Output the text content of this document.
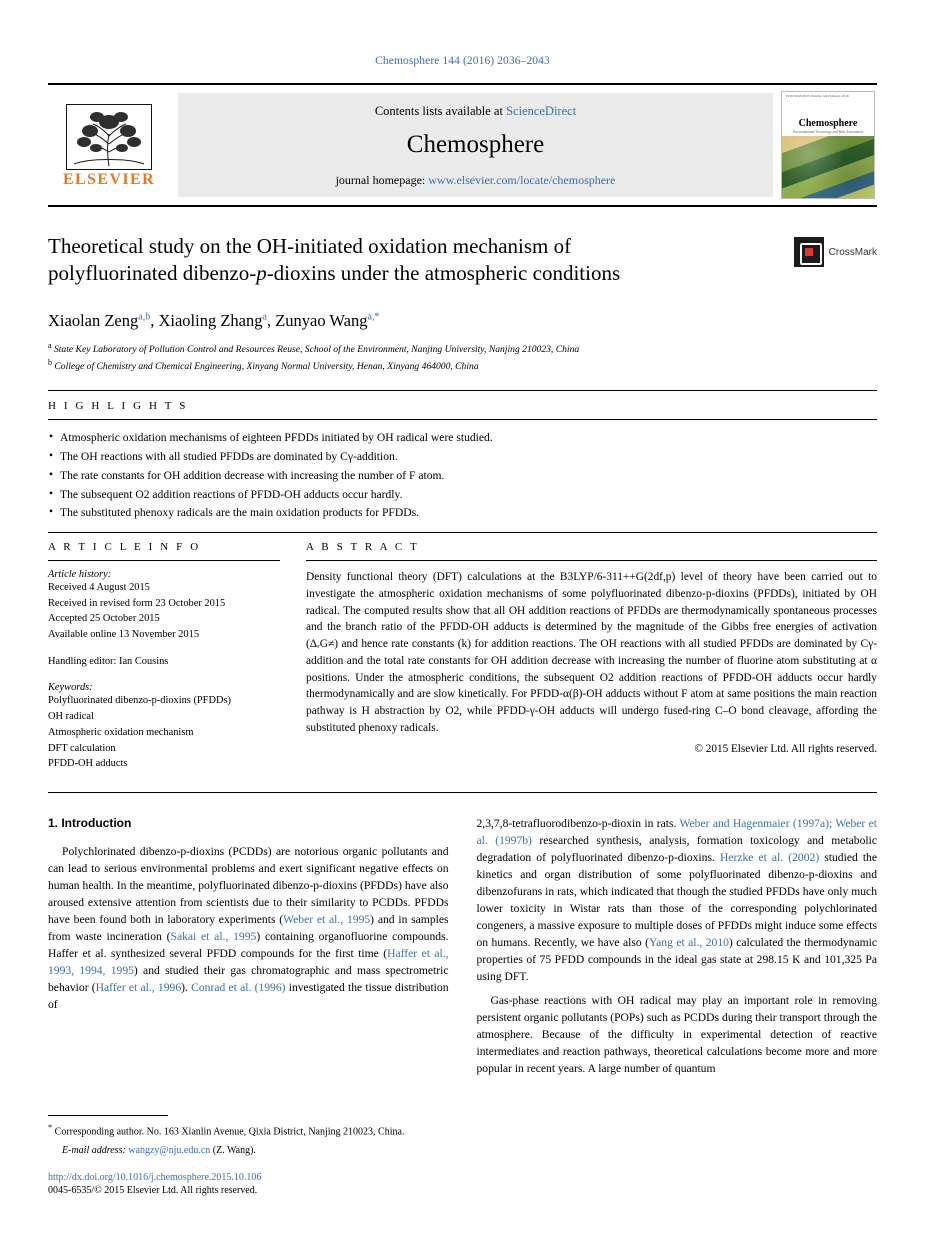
Chemosphere 144 (2016) 2036–2043
ELSEVIER
Contents lists available at ScienceDirect
Chemosphere
journal homepage: www.elsevier.com/locate/chemosphere
ISSN 0045-6535 Volume 144 February 2016
Chemosphere
Environmental Toxicology and Risk Assessment
Theoretical study on the OH-initiated oxidation mechanism of
polyfluorinated dibenzo-p-dioxins under the atmospheric conditions
CrossMark
Xiaolan Zeng$^{a,b}$, Xiaoling Zhang$^a$, Zunyao Wang$^{a,*}$
$^a$ State Key Laboratory of Pollution Control and Resources Reuse, School of the Environment, Nanjing University, Nanjing 210023, China
$^b$ College of Chemistry and Chemical Engineering, Xinyang Normal University, Henan, Xinyang 464000, China
H I G H L I G H T S
• Atmospheric oxidation mechanisms of eighteen PFDDs initiated by OH radical were studied.
• The OH reactions with all studied PFDDs are dominated by Cγ-addition.
• The rate constants for OH addition decrease with increasing the number of F atom.
• The subsequent O2 addition reactions of PFDD-OH adducts occur hardly.
• The substituted phenoxy radicals are the main oxidation products for PFDDs.
A R T I C L E I N F O
Article history:
Received 4 August 2015
Received in revised form 23 October 2015
Accepted 25 October 2015
Available online 13 November 2015
Handling editor: Ian Cousins
Keywords:
Polyfluorinated dibenzo-p-dioxins (PFDDs)
OH radical
Atmospheric oxidation mechanism
DFT calculation
PFDD-OH adducts
A B S T R A C T
Density functional theory (DFT) calculations at the B3LYP/6-311++G(2df,p) level of theory have been carried out to investigate the atmospheric oxidation mechanisms of some polyfluorinated dibenzo-p-dioxins (PFDDs), initiated by OH radical. The computed results show that all OH addition reactions of PFDDs are thermodynamically spontaneous processes and the branch ratio of the PFDD-OH adducts is determined by the magnitude of the Gibbs free energies of activation (ΔᵣG≠) and hence rate constants (k) for addition reactions. The OH reactions with all studied PFDDs are dominated by Cγ-addition and the total rate constants for OH addition decrease with increasing the number of fluorine atom substituting at α positions. Under the atmospheric conditions, the subsequent O2 addition reactions of PFDD-OH adducts occur hardly thermodynamically and are slow kinetically. For PFDD-α(β)-OH adducts without F atom at same positions the main reaction pathway is H abstraction by O2, while PFDD-γ-OH adducts will undergo fused-ring C–O bond cleavage, affording the substituted phenoxy radicals.
© 2015 Elsevier Ltd. All rights reserved.
1. Introduction

Polychlorinated dibenzo-p-dioxins (PCDDs) are notorious organic pollutants and can lead to serious environmental problems and exert significant negative effects on human health. In the meantime, polyfluorinated dibenzo-p-dioxins (PFDDs) have also aroused extensive attention from scientists due to their similarity to PCDDs. PFDDs have been found both in laboratory experiments (Weber et al., 1995) and in samples from waste incineration (Sakai et al., 1995) containing organofluorine compounds. Haffer et al. synthesized several PFDD compounds for the first time (Haffer et al., 1993, 1994, 1995) and studied their gas chromatographic and mass spectrometric behavior (Haffer et al., 1996). Conrad et al. (1996) investigated the tissue distribution of

2,3,7,8-tetrafluorodibenzo-p-dioxin in rats. Weber and Hagenmaier (1997a); Weber et al. (1997b) researched synthesis, analysis, formation toxicology and metabolic degradation of polyfluorinated dibenzo-p-dioxins. Herzke et al. (2002) studied the kinetics and organ distribution of some polyfluorinated dibenzo-p-dioxins and dibenzofurans in rats, which indicated that though the studied PFDDs have only much lower toxicity in Wistar rats than those of the corresponding polychlorinated congeners, a massive exposure to multiple doses of PFDDs might induce some effects on humans. Recently, we have also (Yang et al., 2010) calculated the thermodynamic properties of 75 PFDD compounds in the ideal gas state at 298.15 K and 101,325 Pa using DFT.

Gas-phase reactions with OH radical may play an important role in removing persistent organic pollutants (POPs) such as PCDDs during their transport through the atmosphere. Because of the difficulty in experimental detection of reactive intermediates and reaction pathways, theoretical calculations become more and more popular in recent years. A large number of quantum

* Corresponding author. No. 163 Xianlin Avenue, Qixia District, Nanjing 210023, China.
E-mail address: wangzy@nju.edu.cn (Z. Wang).
http://dx.doi.org/10.1016/j.chemosphere.2015.10.106
0045-6535/© 2015 Elsevier Ltd. All rights reserved.
